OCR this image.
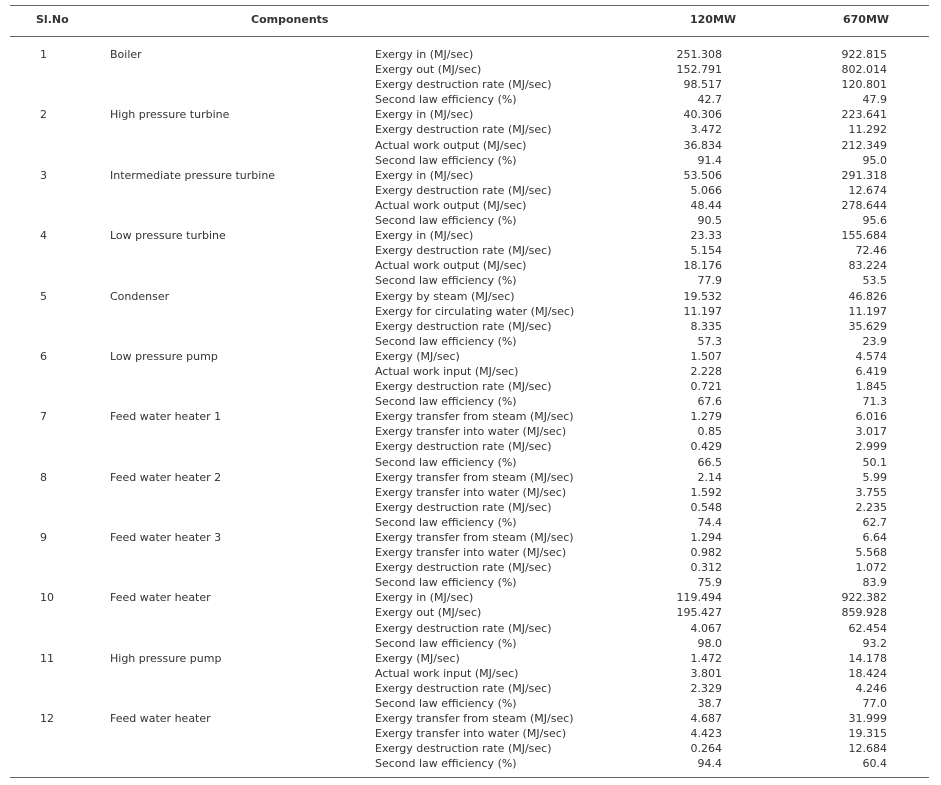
Sl.No	Components	120MW	670MW
1	Boiler	Exergy in (MJ/sec)	251.308	922.815
Exergy out (MJ/sec)	152.791	802.014
Exergy destruction rate (MJ/sec)	98.517	120.801
Second law efficiency (%)	42.7	47.9
2	High pressure turbine	Exergy in (MJ/sec)	40.306	223.641
Exergy destruction rate (MJ/sec)	3.472	11.292
Actual work output (MJ/sec)	36.834	212.349
Second law efficiency (%)	91.4	95.0
3	Intermediate pressure turbine	Exergy in (MJ/sec)	53.506	291.318
Exergy destruction rate (MJ/sec)	5.066	12.674
Actual work output (MJ/sec)	48.44	278.644
Second law efficiency (%)	90.5	95.6
4	Low pressure turbine	Exergy in (MJ/sec)	23.33	155.684
Exergy destruction rate (MJ/sec)	5.154	72.46
Actual work output (MJ/sec)	18.176	83.224
Second law efficiency (%)	77.9	53.5
5	Condenser	Exergy by steam (MJ/sec)	19.532	46.826
Exergy for circulating water (MJ/sec)	11.197	11.197
Exergy destruction rate (MJ/sec)	8.335	35.629
Second law efficiency (%)	57.3	23.9
6	Low pressure pump	Exergy (MJ/sec)	1.507	4.574
Actual work input (MJ/sec)	2.228	6.419
Exergy destruction rate (MJ/sec)	0.721	1.845
Second law efficiency (%)	67.6	71.3
7	Feed water heater 1	Exergy transfer from steam (MJ/sec)	1.279	6.016
Exergy transfer into water (MJ/sec)	0.85	3.017
Exergy destruction rate (MJ/sec)	0.429	2.999
Second law efficiency (%)	66.5	50.1
8	Feed water heater 2	Exergy transfer from steam (MJ/sec)	2.14	5.99
Exergy transfer into water (MJ/sec)	1.592	3.755
Exergy destruction rate (MJ/sec)	0.548	2.235
Second law efficiency (%)	74.4	62.7
9	Feed water heater 3	Exergy transfer from steam (MJ/sec)	1.294	6.64
Exergy transfer into water (MJ/sec)	0.982	5.568
Exergy destruction rate (MJ/sec)	0.312	1.072
Second law efficiency (%)	75.9	83.9
10	Feed water heater	Exergy in (MJ/sec)	119.494	922.382
Exergy out (MJ/sec)	195.427	859.928
Exergy destruction rate (MJ/sec)	4.067	62.454
Second law efficiency (%)	98.0	93.2
11	High pressure pump	Exergy (MJ/sec)	1.472	14.178
Actual work input (MJ/sec)	3.801	18.424
Exergy destruction rate (MJ/sec)	2.329	4.246
Second law efficiency (%)	38.7	77.0
12	Feed water heater	Exergy transfer from steam (MJ/sec)	4.687	31.999
Exergy transfer into water (MJ/sec)	4.423	19.315
Exergy destruction rate (MJ/sec)	0.264	12.684
Second law efficiency (%)	94.4	60.4
